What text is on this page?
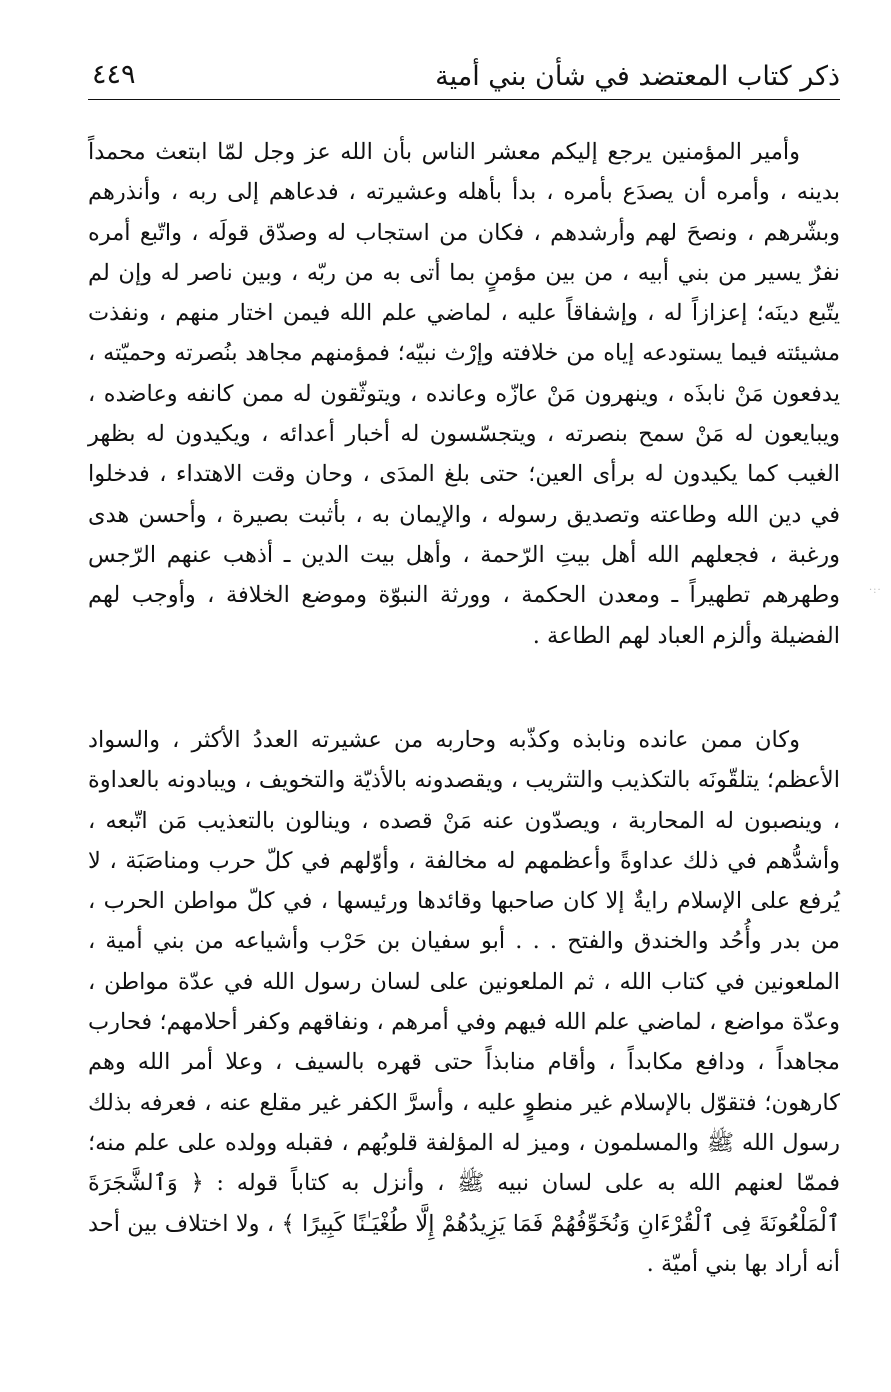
ذكر كتاب المعتضد في شأن بني أمية
٤٤٩

وأمير المؤمنين يرجع إليكم معشر الناس بأن الله عز وجل لمّا ابتعث محمداً بدينه ، وأمره أن يصدَع بأمره ، بدأ بأهله وعشيرته ، فدعاهم إلى ربه ، وأنذرهم وبشّرهم ، ونصحَ لهم وأرشدهم ، فكان من استجاب له وصدّق قولَه ، واتّبع أمره نفرٌ يسير من بني أبيه ، من بين مؤمنٍ بما أتى به من ربّه ، وبين ناصر له وإن لم يتّبع دينَه؛ إعزازاً له ، وإشفاقاً عليه ، لماضي علم الله فيمن اختار منهم ، ونفذت مشيئته فيما يستودعه إياه من خلافته وإرْث نبيّه؛ فمؤمنهم مجاهد بنُصرته وحميّته ، يدفعون مَنْ نابذَه ، وينهرون مَنْ عازّه وعانده ، ويتوثّقون له ممن كانفه وعاضده ، ويبايعون له مَنْ سمح بنصرته ، ويتجسّسون له أخبار أعدائه ، ويكيدون له بظهر الغيب كما يكيدون له برأى العين؛ حتى بلغ المدَى ، وحان وقت الاهتداء ، فدخلوا في دين الله وطاعته وتصديق رسوله ، والإيمان به ، بأثبت بصيرة ، وأحسن هدى ورغبة ، فجعلهم الله أهل بيتِ الرّحمة ، وأهل بيت الدين ـ أذهب عنهم الرّجس وطهرهم تطهيراً ـ ومعدن الحكمة ، وورثة النبوّة وموضع الخلافة ، وأوجب لهم الفضيلة وألزم العباد لهم الطاعة .

وكان ممن عانده ونابذه وكذّبه وحاربه من عشيرته العددُ الأكثر ، والسواد الأعظم؛ يتلقّونَه بالتكذيب والتثريب ، ويقصدونه بالأذيّة والتخويف ، ويبادونه بالعداوة ، وينصبون له المحاربة ، ويصدّون عنه مَنْ قصده ، وينالون بالتعذيب مَن اتّبعه ، وأشدُّهم في ذلك عداوةً وأعظمهم له مخالفة ، وأوّلهم في كلّ حرب ومناصَبَة ، لا يُرفع على الإسلام رايةٌ إلا كان صاحبها وقائدها ورئيسها ، في كلّ مواطن الحرب ، من بدر وأُحُد والخندق والفتح . . . أبو سفيان بن حَرْب وأشياعه من بني أمية ، الملعونين في كتاب الله ، ثم الملعونين على لسان رسول الله في عدّة مواطن ، وعدّة مواضع ، لماضي علم الله فيهم وفي أمرهم ، ونفاقهم وكفر أحلامهم؛ فحارب مجاهداً ، ودافع مكابداً ، وأقام منابذاً حتى قهره بالسيف ، وعلا أمر الله وهم كارهون؛ فتقوّل بالإسلام غير منطوٍ عليه ، وأسرَّ الكفر غير مقلع عنه ، فعرفه بذلك رسول الله ﷺ والمسلمون ، وميز له المؤلفة قلوبُهم ، فقبله وولده على علم منه؛ فممّا لعنهم الله به على لسان نبيه ﷺ ، وأنزل به كتاباً قوله : ﴿ وَٱلشَّجَرَةَ ٱلْمَلْعُونَةَ فِى ٱلْقُرْءَانِ وَنُخَوِّفُهُمْ فَمَا يَزِيدُهُمْ إِلَّا طُغْيَـٰنًا كَبِيرًا ﴾ ، ولا اختلاف بين أحد أنه أراد بها بني أميّة .

·:·
